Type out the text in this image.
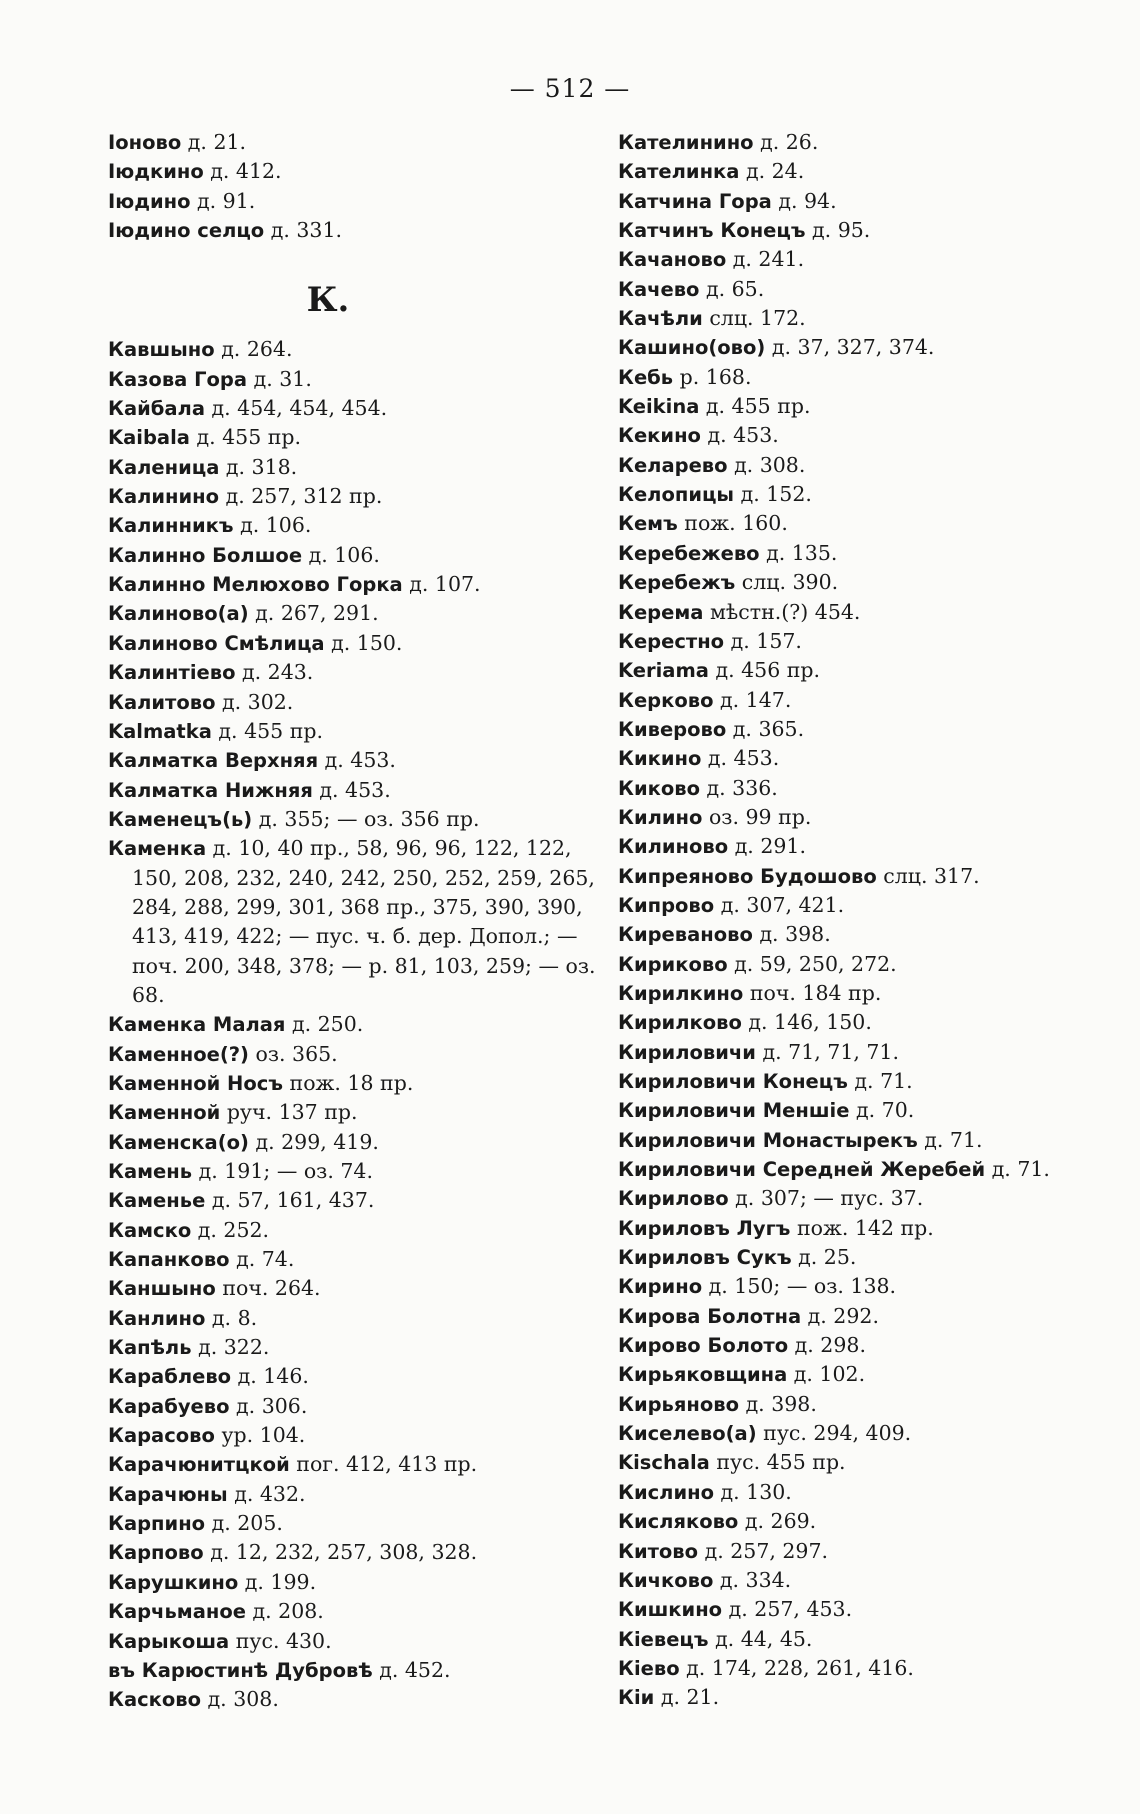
— 512 —
Іоново д. 21.
Іюдкино д. 412.
Іюдино д. 91.
Іюдино селцо д. 331.
К.
Кавшыно д. 264.
Казова Гора д. 31.
Кайбала д. 454, 454, 454.
Kaibala д. 455 пр.
Каленица д. 318.
Калинино д. 257, 312 пр.
Калинникъ д. 106.
Калинно Болшое д. 106.
Калинно Мелюхово Горка д. 107.
Калиново(а) д. 267, 291.
Калиново Смѣлица д. 150.
Калинтіево д. 243.
Калитово д. 302.
Kalmatka д. 455 пр.
Калматка Верхняя д. 453.
Калматка Нижняя д. 453.
Каменецъ(ь) д. 355; — оз. 356 пр.
Каменка д. 10, 40 пр., 58, 96, 96, 122, 122, 150, 208, 232, 240, 242, 250, 252, 259, 265, 284, 288, 299, 301, 368 пр., 375, 390, 390, 413, 419, 422; — пус. ч. б. дер. Допол.; — поч. 200, 348, 378; — р. 81, 103, 259; — оз. 68.
Каменка Малая д. 250.
Каменное(?) оз. 365.
Каменной Носъ пож. 18 пр.
Каменной руч. 137 пр.
Каменска(о) д. 299, 419.
Камень д. 191; — оз. 74.
Каменье д. 57, 161, 437.
Камско д. 252.
Капанково д. 74.
Каншыно поч. 264.
Канлино д. 8.
Капѣль д. 322.
Караблево д. 146.
Карабуево д. 306.
Карасово ур. 104.
Карачюнитцкой пог. 412, 413 пр.
Карачюны д. 432.
Карпино д. 205.
Карпово д. 12, 232, 257, 308, 328.
Карушкино д. 199.
Карчьманое д. 208.
Карыкоша пус. 430.
въ Карюстинѣ Дубровѣ д. 452.
Касково д. 308.
Кателинино д. 26.
Кателинка д. 24.
Катчина Гора д. 94.
Катчинъ Конецъ д. 95.
Качаново д. 241.
Качево д. 65.
Качѣли слц. 172.
Кашино(ово) д. 37, 327, 374.
Кебь р. 168.
Keikina д. 455 пр.
Кекино д. 453.
Келарево д. 308.
Келопицы д. 152.
Кемъ пож. 160.
Керебежево д. 135.
Керебежъ слц. 390.
Керема мѣстн.(?) 454.
Керестно д. 157.
Keriama д. 456 пр.
Керково д. 147.
Киверово д. 365.
Кикино д. 453.
Киково д. 336.
Килино оз. 99 пр.
Килиново д. 291.
Кипреяново Будошово слц. 317.
Кипрово д. 307, 421.
Киреваново д. 398.
Кириково д. 59, 250, 272.
Кирилкино поч. 184 пр.
Кирилково д. 146, 150.
Кириловичи д. 71, 71, 71.
Кириловичи Конецъ д. 71.
Кириловичи Меншіе д. 70.
Кириловичи Монастырекъ д. 71.
Кириловичи Середней Жеребей д. 71.
Кирилово д. 307; — пус. 37.
Кириловъ Лугъ пож. 142 пр.
Кириловъ Сукъ д. 25.
Кирино д. 150; — оз. 138.
Кирова Болотна д. 292.
Кирово Болото д. 298.
Кирьяковщина д. 102.
Кирьяново д. 398.
Киселево(а) пус. 294, 409.
Kischala пус. 455 пр.
Кислино д. 130.
Кисляково д. 269.
Китово д. 257, 297.
Кичково д. 334.
Кишкино д. 257, 453.
Кіевецъ д. 44, 45.
Кіево д. 174, 228, 261, 416.
Кіи д. 21.
